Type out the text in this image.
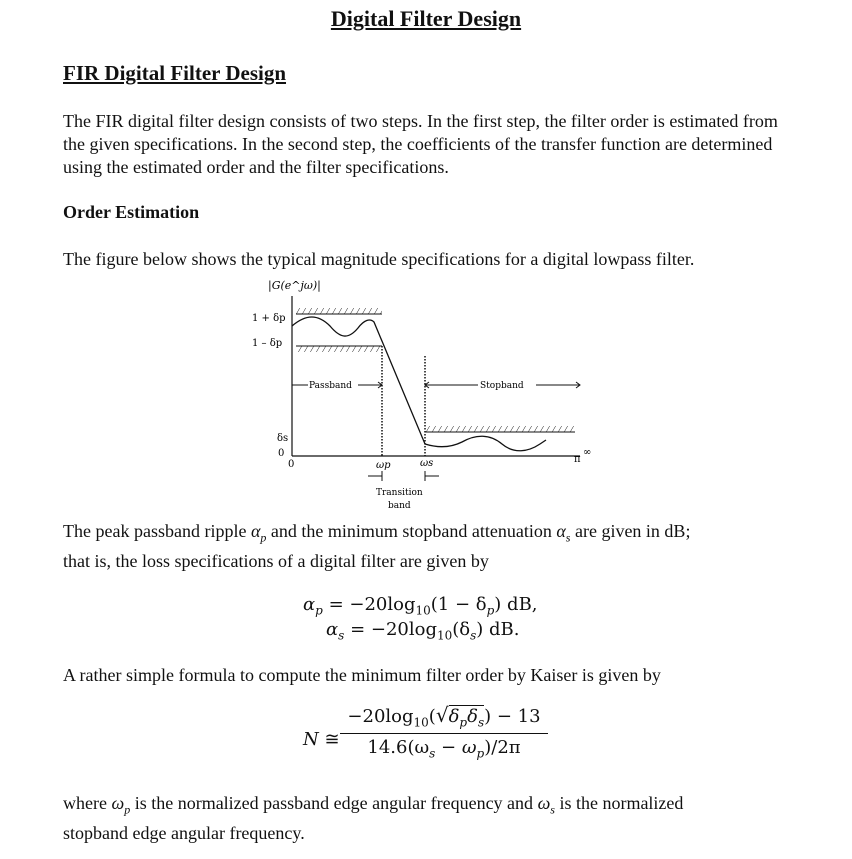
Digital Filter Design
FIR Digital Filter Design
The FIR digital filter design consists of two steps. In the first step, the filter order is estimated from the given specifications. In the second step, the coefficients of the transfer function are determined using the estimated order and the filter specifications.
Order Estimation
The figure below shows the typical magnitude specifications for a digital lowpass filter.
|G(e^jω)|
1 + δp
1 – δp
δs
0
0
Passband	Stopband
ωp	ωs	π
∞
Transition
band
The peak passband ripple $\alpha_p$ and the minimum stopband attenuation $\alpha_s$ are given in dB;
that is, the loss specifications of a digital filter are given by
$\alpha_p = -20\log_{10}(1 - \delta_p)$ dB,
$\alpha_s = -20\log_{10}(\delta_s)$ dB.
A rather simple formula to compute the minimum filter order by Kaiser is given by
N ≅
$-20\log_{10}(√\delta_p\delta_s) - 13$
$14.6(\omega_s - \omega_p)/2\pi$
where $\omega_p$ is the normalized passband edge angular frequency and $\omega_s$ is the normalized
stopband edge angular frequency.
